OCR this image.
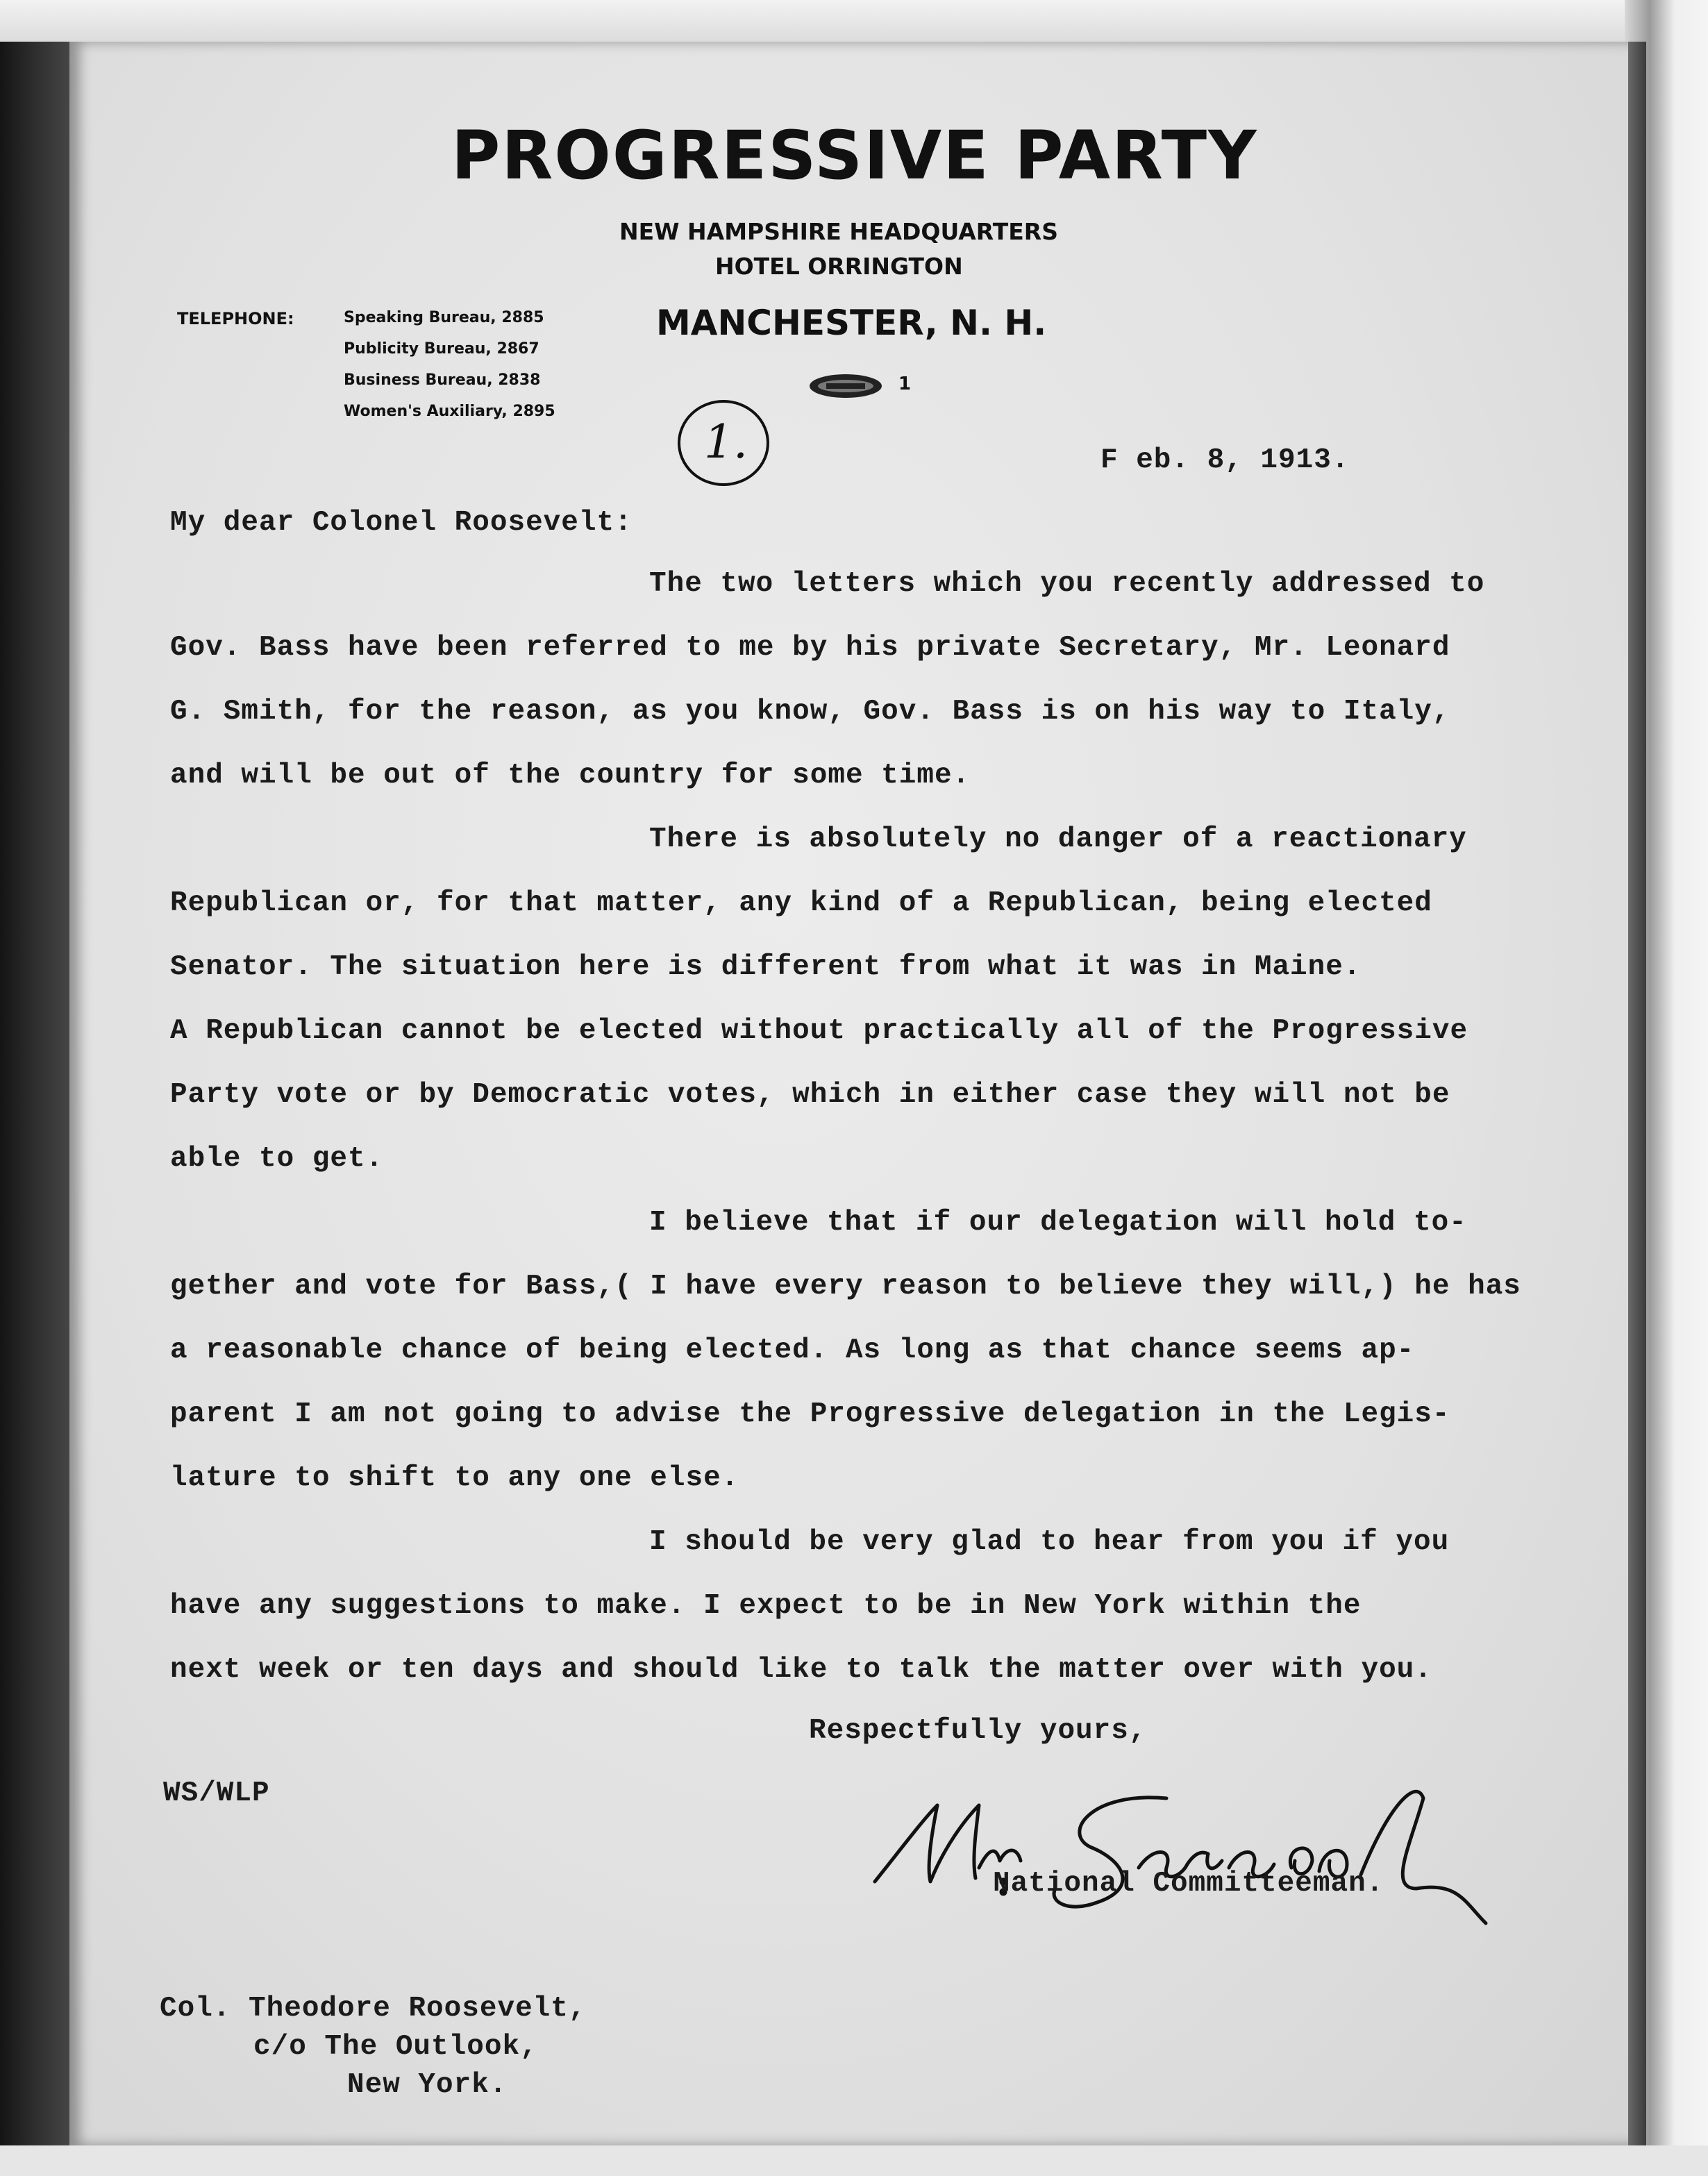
PROGRESSIVE PARTY
NEW HAMPSHIRE HEADQUARTERS
HOTEL ORRINGTON
MANCHESTER, N. H.
TELEPHONE:	Speaking Bureau, 2885
Publicity Bureau, 2867
Business Bureau, 2838
Women's Auxiliary, 2895
1
1.	F eb. 8, 1913.
My dear Colonel Roosevelt:
The two letters which you recently addressed to
Gov. Bass have been referred to me by his private Secretary, Mr. Leonard
G. Smith, for the reason, as you know, Gov. Bass is on his way to Italy,
and will be out of the country for some time.
There is absolutely no danger of a reactionary
Republican or, for that matter, any kind of a Republican, being elected
Senator. The situation here is different from what it was in Maine.
A Republican cannot be elected without practically all of the Progressive
Party vote or by Democratic votes, which in either case they will not be
able to get.
I believe that if our delegation will hold to-
gether and vote for Bass,( I have every reason to believe they will,) he has
a reasonable chance of being elected. As long as that chance seems ap-
parent I am not going to advise the Progressive delegation in the Legis-
lature to shift to any one else.
I should be very glad to hear from you if you
have any suggestions to make. I expect to be in New York within the
next week or ten days and should like to talk the matter over with you.
Respectfully yours,
WS/WLP
National Committeeman.
Col. Theodore Roosevelt,
c/o The Outlook,
New York.
